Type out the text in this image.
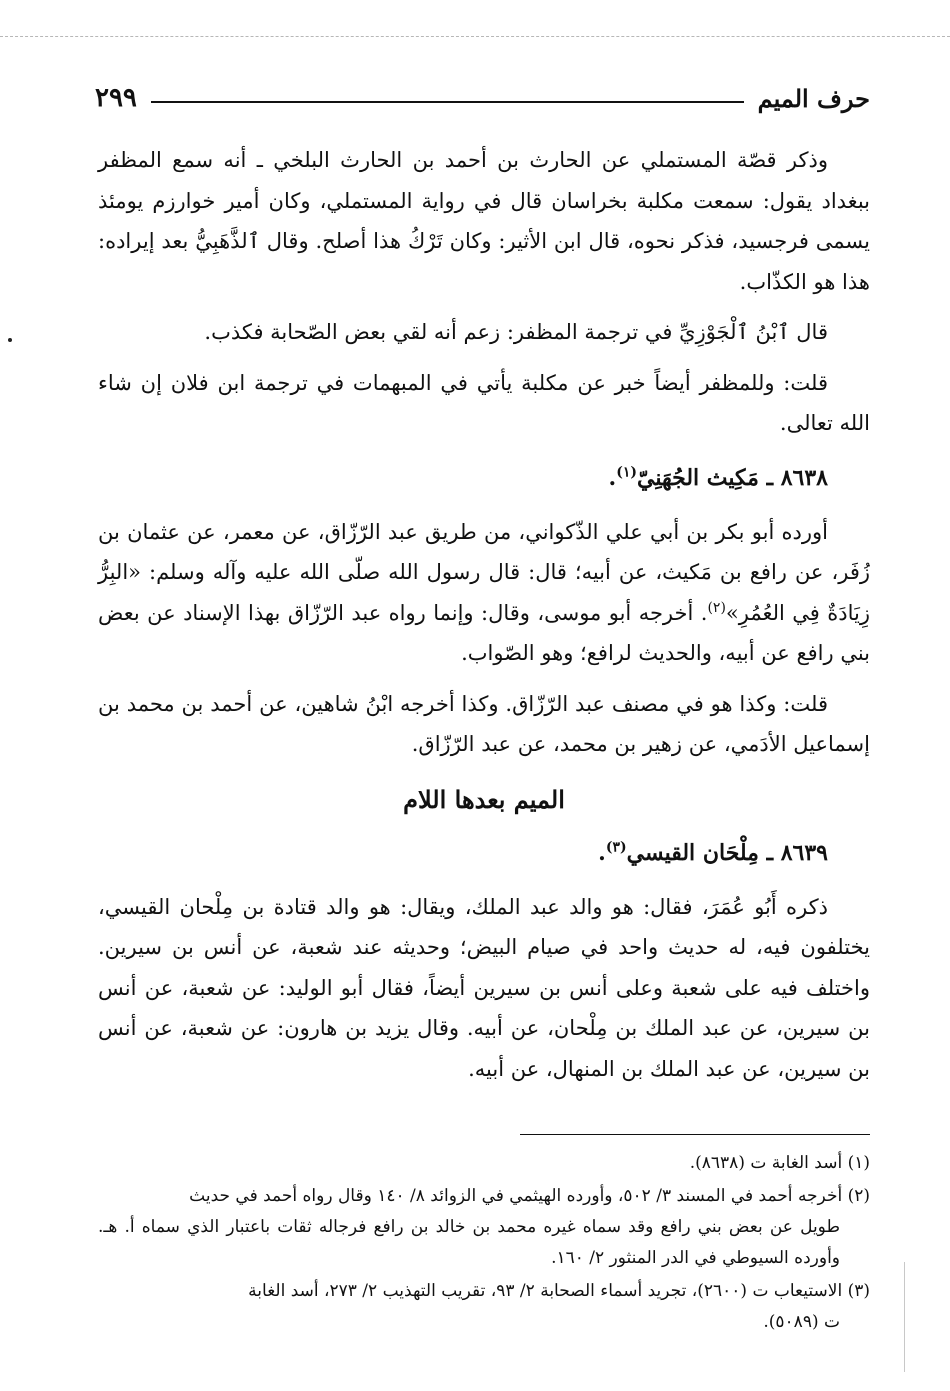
حرف الميم
٢٩٩

وذكر قصّة المستملي عن الحارث بن أحمد بن الحارث البلخي ـ أنه سمع المظفر ببغداد يقول: سمعت مكلبة بخراسان قال في رواية المستملي، وكان أمير خوارزم يومئذ يسمى فرجسيد، فذكر نحوه، قال ابن الأثير: وكان تَرْكُ هذا أصلح. وقال ٱلذَّهَبِيُّ بعد إيراده: هذا هو الكذّاب.

قال ٱبْنُ ٱلْجَوْزِيِّ في ترجمة المظفر: زعم أنه لقي بعض الصّحابة فكذب.

قلت: وللمظفر أيضاً خبر عن مكلبة يأتي في المبهمات في ترجمة ابن فلان إن شاء الله تعالى.

٨٦٣٨ ـ مَكِيث الجُهَنِيّ$^{(١)}$.

أورده أبو بكر بن أبي علي الذّكواني، من طريق عبد الرّزّاق، عن معمر، عن عثمان بن زُفَر، عن رافع بن مَكيث، عن أبيه؛ قال: قال رسول الله صلّى الله عليه وآله وسلم: «البِرُّ زِيَادَةٌ فِي العُمُرِ»$^{(٢)}$. أخرجه أبو موسى، وقال: وإنما رواه عبد الرّزّاق بهذا الإسناد عن بعض بني رافع عن أبيه، والحديث لرافع؛ وهو الصّواب.

قلت: وكذا هو في مصنف عبد الرّزّاق. وكذا أخرجه ابْنُ شاهين، عن أحمد بن محمد بن إسماعيل الأدَمي، عن زهير بن محمد، عن عبد الرّزّاق.

الميم بعدها اللام
٨٦٣٩ ـ مِلْحَان القيسي$^{(٣)}$.

ذكره أَبُو عُمَرَ، فقال: هو والد عبد الملك، ويقال: هو والد قتادة بن مِلْحان القيسي، يختلفون فيه، له حديث واحد في صيام البيض؛ وحديثه عند شعبة، عن أنس بن سيرين. واختلف فيه على شعبة وعلى أنس بن سيرين أيضاً، فقال أبو الوليد: عن شعبة، عن أنس بن سيرين، عن عبد الملك بن مِلْحان، عن أبيه. وقال يزيد بن هارون: عن شعبة، عن أنس بن سيرين، عن عبد الملك بن المنهال، عن أبيه.

(١) أسد الغابة ت (٨٦٣٨).
(٢) أخرجه أحمد في المسند ٣/ ٥٠٢، وأورده الهيثمي في الزوائد ٨/ ١٤٠ وقال رواه أحمد في حديث
طويل عن بعض بني رافع وقد سماه غيره محمد بن خالد بن رافع فرجاله ثقات باعتبار الذي سماه أ. هـ. وأورده السيوطي في الدر المنثور ٢/ ١٦٠.
(٣) الاستيعاب ت (٢٦٠٠)، تجريد أسماء الصحابة ٢/ ٩٣، تقريب التهذيب ٢/ ٢٧٣، أسد الغابة
ت (٥٠٨٩).
